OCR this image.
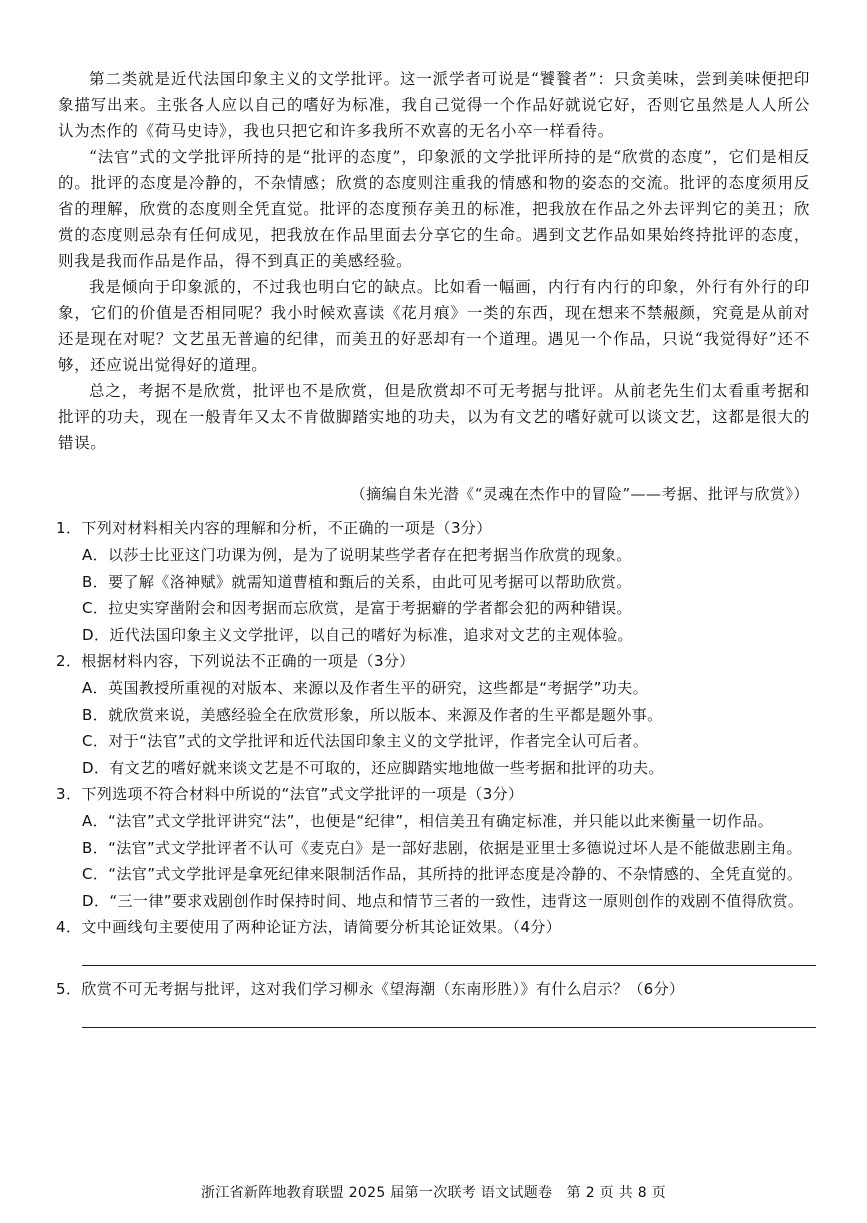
第二类就是近代法国印象主义的文学批评。这一派学者可说是“饕餮者”：只贪美味，尝到美味便把印象描写出来。主张各人应以自己的嗜好为标准，我自己觉得一个作品好就说它好，否则它虽然是人人所公认为杰作的《荷马史诗》，我也只把它和许多我所不欢喜的无名小卒一样看待。

“法官”式的文学批评所持的是“批评的态度”，印象派的文学批评所持的是“欣赏的态度”，它们是相反的。批评的态度是冷静的，不杂情感；欣赏的态度则注重我的情感和物的姿态的交流。批评的态度须用反省的理解，欣赏的态度则全凭直觉。批评的态度预存美丑的标准，把我放在作品之外去评判它的美丑；欣赏的态度则忌杂有任何成见，把我放在作品里面去分享它的生命。遇到文艺作品如果始终持批评的态度，则我是我而作品是作品，得不到真正的美感经验。

我是倾向于印象派的，不过我也明白它的缺点。比如看一幅画，内行有内行的印象，外行有外行的印象，它们的价值是否相同呢？我小时候欢喜读《花月痕》一类的东西，现在想来不禁赧颜，究竟是从前对还是现在对呢？文艺虽无普遍的纪律，而美丑的好恶却有一个道理。遇见一个作品，只说“我觉得好”还不够，还应说出觉得好的道理。

总之，考据不是欣赏，批评也不是欣赏，但是欣赏却不可无考据与批评。从前老先生们太看重考据和批评的功夫，现在一般青年又太不肯做脚踏实地的功夫，以为有文艺的嗜好就可以谈文艺，这都是很大的错误。

（摘编自朱光潜《“灵魂在杰作中的冒险”——考据、批评与欣赏》）
1．下列对材料相关内容的理解和分析，不正确的一项是（3分）
A．以莎士比亚这门功课为例，是为了说明某些学者存在把考据当作欣赏的现象。
B．要了解《洛神赋》就需知道曹植和甄后的关系，由此可见考据可以帮助欣赏。
C．拉史实穿凿附会和因考据而忘欣赏，是富于考据癖的学者都会犯的两种错误。
D．近代法国印象主义文学批评，以自己的嗜好为标准，追求对文艺的主观体验。
2．根据材料内容，下列说法不正确的一项是（3分）
A．英国教授所重视的对版本、来源以及作者生平的研究，这些都是“考据学”功夫。
B．就欣赏来说，美感经验全在欣赏形象，所以版本、来源及作者的生平都是题外事。
C．对于“法官”式的文学批评和近代法国印象主义的文学批评，作者完全认可后者。
D．有文艺的嗜好就来谈文艺是不可取的，还应脚踏实地地做一些考据和批评的功夫。
3．下列选项不符合材料中所说的“法官”式文学批评的一项是（3分）
A．“法官”式文学批评讲究“法”，也便是“纪律”，相信美丑有确定标准，并只能以此来衡量一切作品。
B．“法官”式文学批评者不认可《麦克白》是一部好悲剧，依据是亚里士多德说过坏人是不能做悲剧主角。
C．“法官”式文学批评是拿死纪律来限制活作品，其所持的批评态度是冷静的、不杂情感的、全凭直觉的。
D．“三一律”要求戏剧创作时保持时间、地点和情节三者的一致性，违背这一原则创作的戏剧不值得欣赏。
4．文中画线句主要使用了两种论证方法，请简要分析其论证效果。（4分）
5．欣赏不可无考据与批评，这对我们学习柳永《望海潮（东南形胜）》有什么启示？（6分）
浙江省新阵地教育联盟 2025 届第一次联考 语文试题卷　第 2 页 共 8 页
